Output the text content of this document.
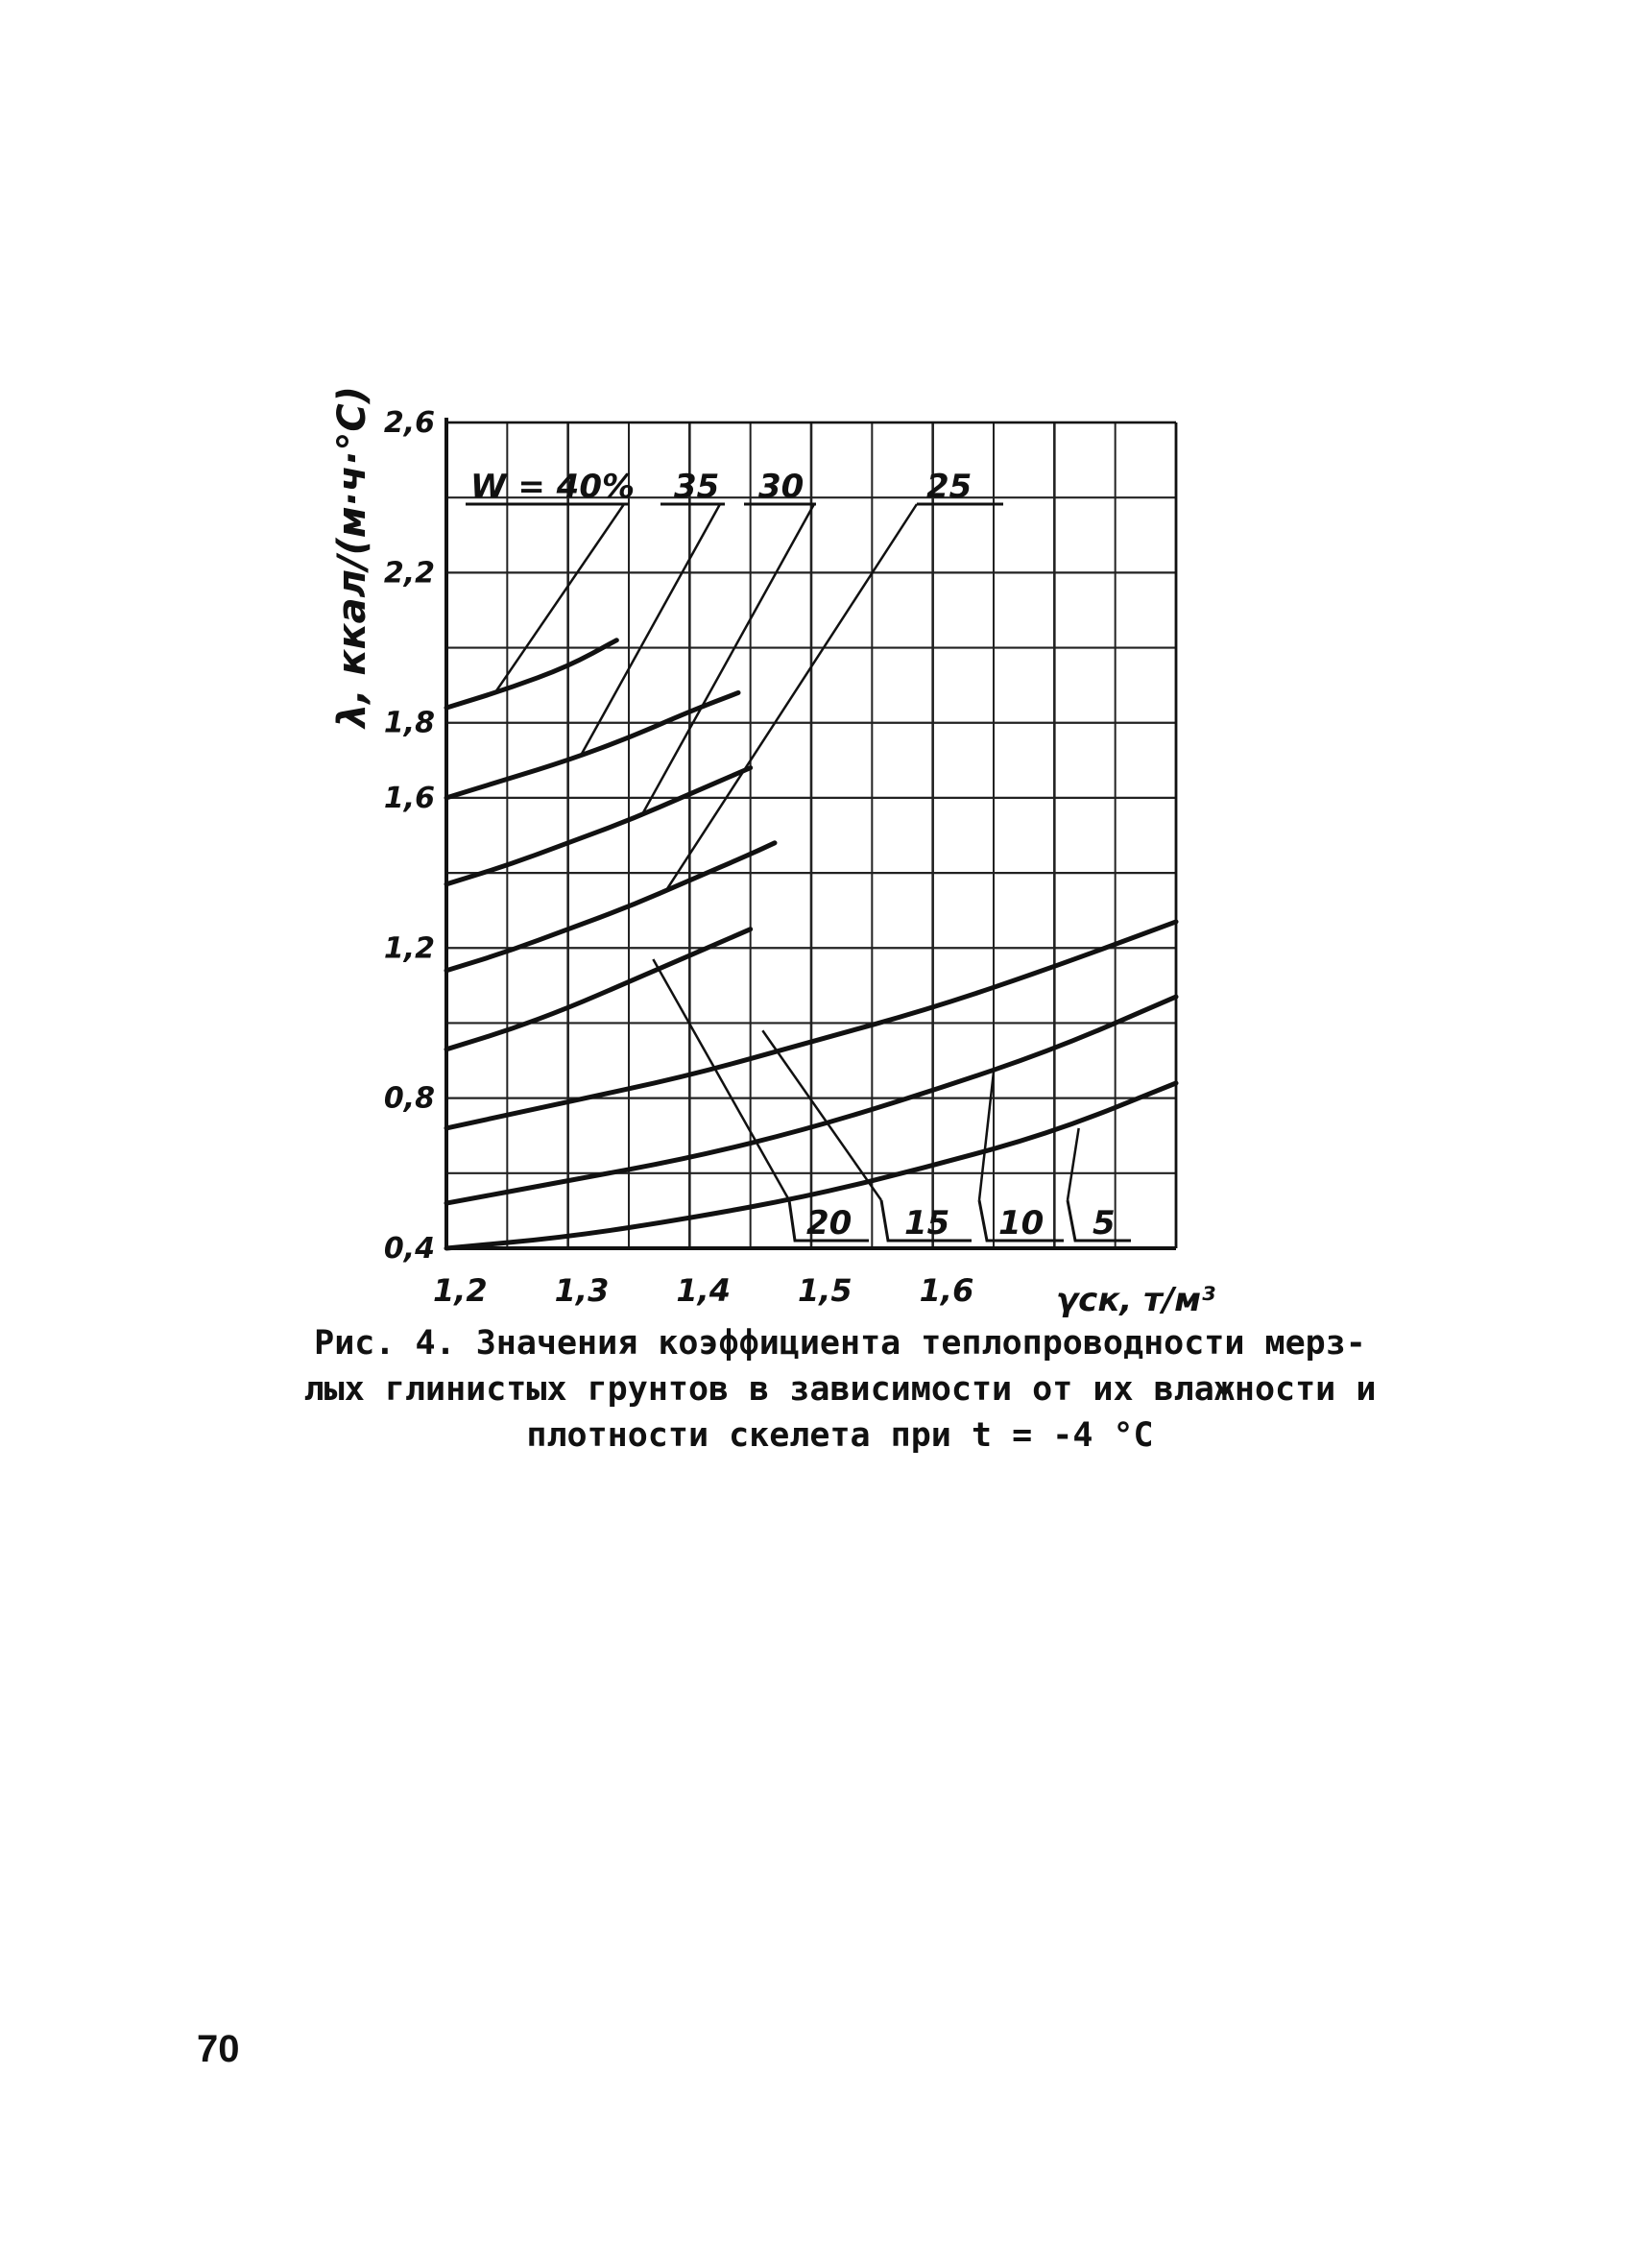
1,2 1,3 1,4 1,5 1,6
0,4
0,8
1,2
1,6
1,8
2,2
2,6
λ, ккал/(м·ч·°С)
γск, т/м³
W = 40% 35 30	25
20 15 10 5
Рис. 4. Значения коэффициента теплопроводности мерз-
лых глинистых грунтов в зависимости от их влажности и
плотности скелета при t = -4 °C
70
